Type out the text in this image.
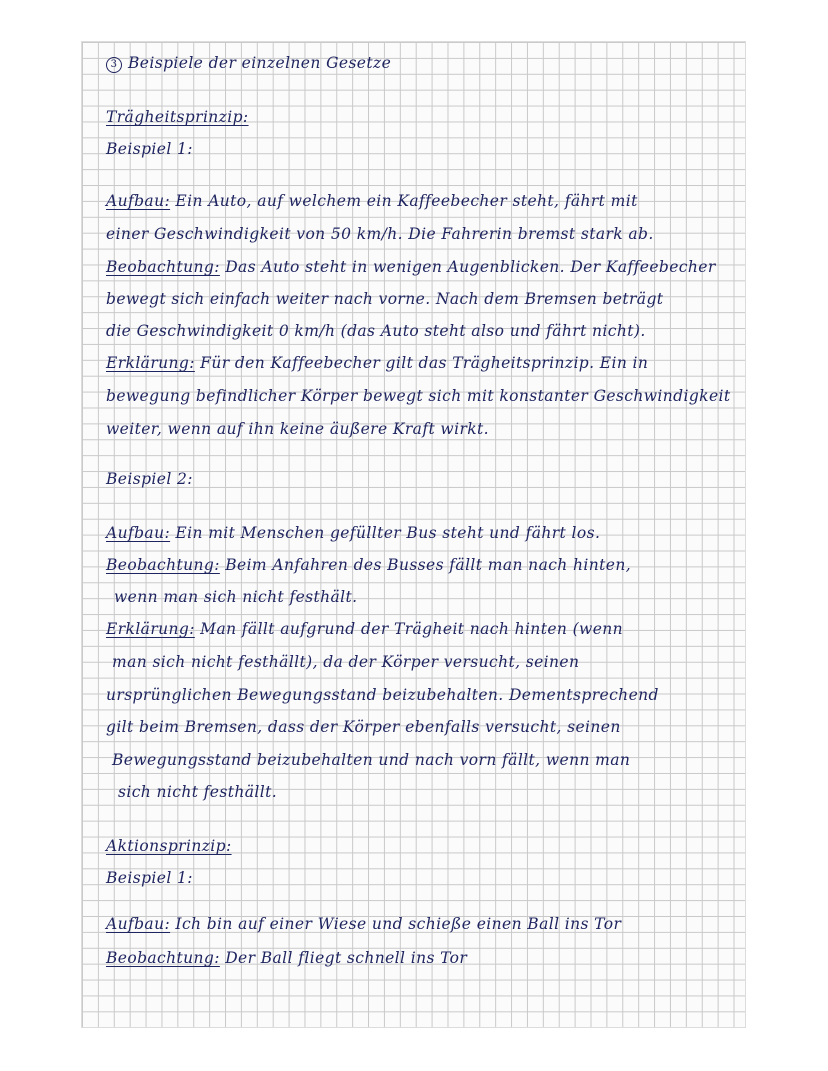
3 Beispiele der einzelnen Gesetze
Trägheitsprinzip:
Beispiel 1:
Aufbau: Ein Auto, auf welchem ein Kaffeebecher steht, fährt mit
einer Geschwindigkeit von 50 km/h. Die Fahrerin bremst stark ab.
Beobachtung: Das Auto steht in wenigen Augenblicken. Der Kaffeebecher
bewegt sich einfach weiter nach vorne. Nach dem Bremsen beträgt
die Geschwindigkeit 0 km/h (das Auto steht also und fährt nicht).
Erklärung: Für den Kaffeebecher gilt das Trägheitsprinzip. Ein in
bewegung befindlicher Körper bewegt sich mit konstanter Geschwindigkeit
weiter, wenn auf ihn keine äußere Kraft wirkt.
Beispiel 2:
Aufbau: Ein mit Menschen gefüllter Bus steht und fährt los.
Beobachtung: Beim Anfahren des Busses fällt man nach hinten,
wenn man sich nicht festhält.
Erklärung: Man fällt aufgrund der Trägheit nach hinten (wenn
man sich nicht festhällt), da der Körper versucht, seinen
ursprünglichen Bewegungsstand beizubehalten. Dementsprechend
gilt beim Bremsen, dass der Körper ebenfalls versucht, seinen
Bewegungsstand beizubehalten und nach vorn fällt, wenn man
sich nicht festhällt.
Aktionsprinzip:
Beispiel 1:
Aufbau: Ich bin auf einer Wiese und schieße einen Ball ins Tor
Beobachtung: Der Ball fliegt schnell ins Tor
